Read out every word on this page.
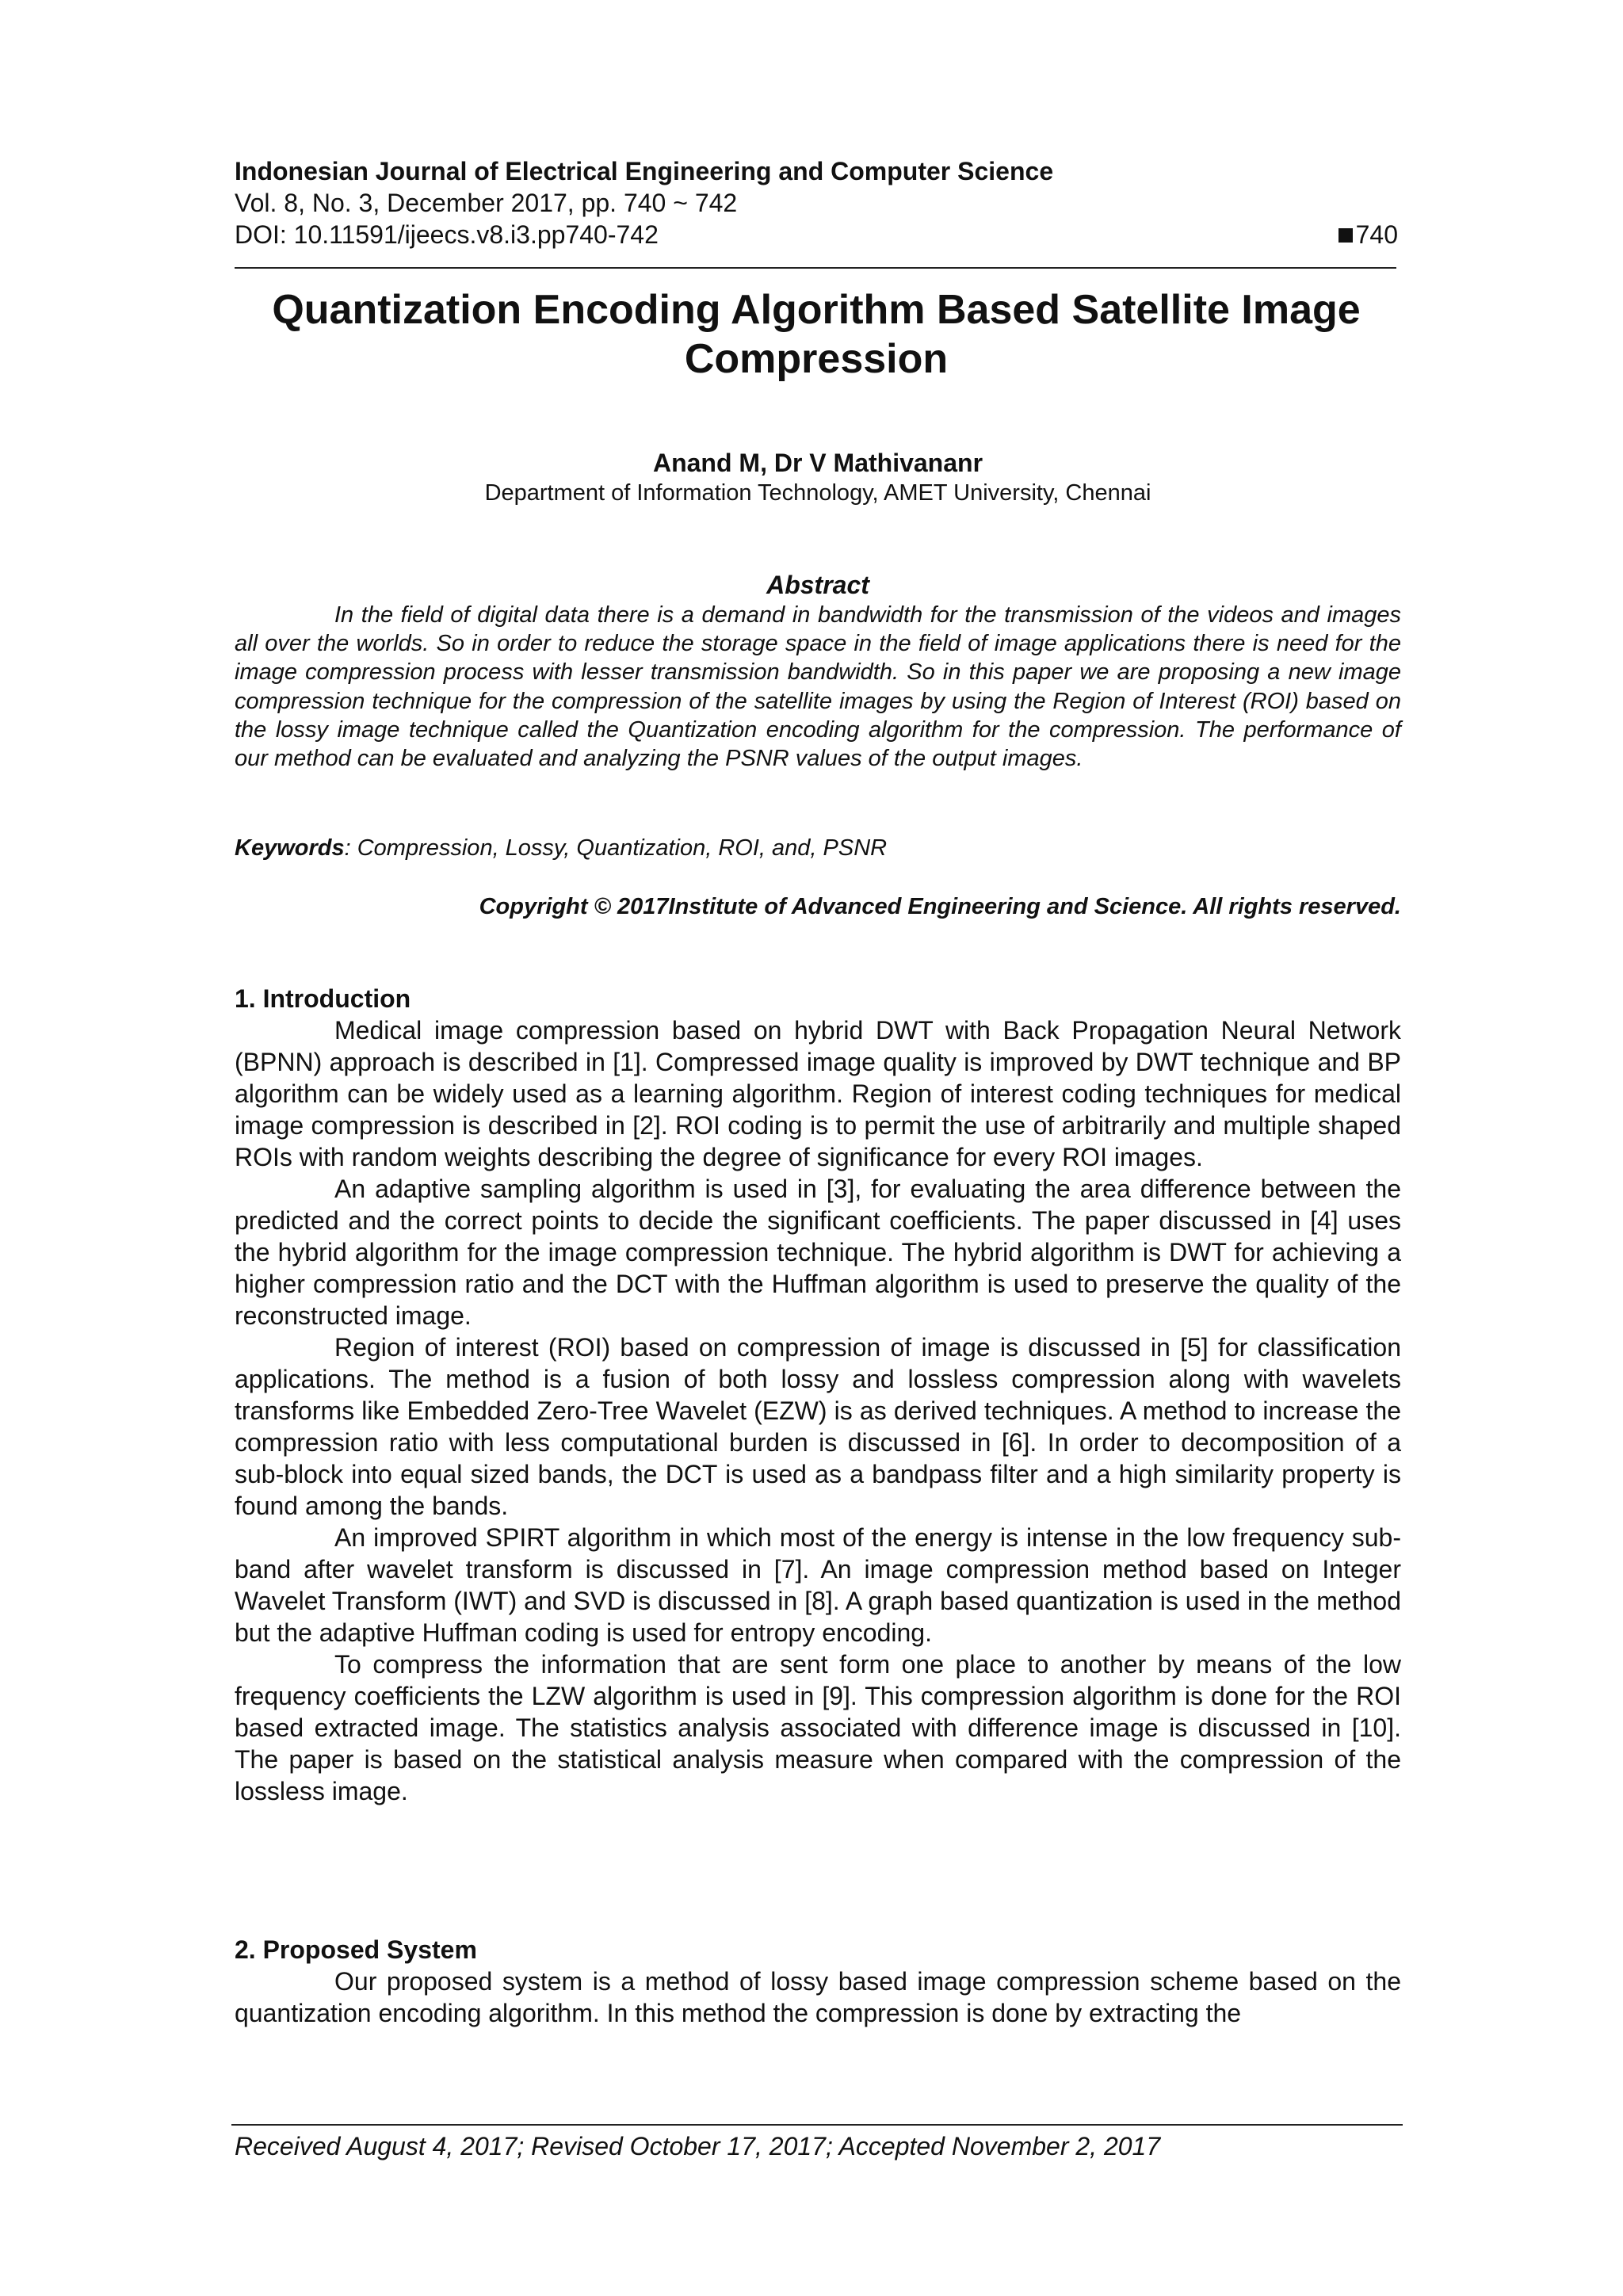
Indonesian Journal of Electrical Engineering and Computer Science

Vol. 8, No. 3, December 2017, pp. 740 ~ 742

DOI: 10.11591/ijeecs.v8.i3.pp740-742	740
Quantization Encoding Algorithm Based Satellite Image Compression

Anand M, Dr V Mathivananr

Department of Information Technology, AMET University, Chennai

Abstract

In the field of digital data there is a demand in bandwidth for the transmission of the videos and images all over the worlds. So in order to reduce the storage space in the field of image applications there is need for the image compression process with lesser transmission bandwidth. So in this paper we are proposing a new image compression technique for the compression of the satellite images by using the Region of Interest (ROI) based on the lossy image technique called the Quantization encoding algorithm for the compression. The performance of our method can be evaluated and analyzing the PSNR values of the output images.

Keywords: Compression, Lossy, Quantization, ROI, and, PSNR

Copyright © 2017Institute of Advanced Engineering and Science. All rights reserved.

1. Introduction

Medical image compression based on hybrid DWT with Back Propagation Neural Network (BPNN) approach is described in [1]. Compressed image quality is improved by DWT technique and BP algorithm can be widely used as a learning algorithm. Region of interest coding techniques for medical image compression is described in [2]. ROI coding is to permit the use of arbitrarily and multiple shaped ROIs with random weights describing the degree of significance for every ROI images.

An adaptive sampling algorithm is used in [3], for evaluating the area difference between the predicted and the correct points to decide the significant coefficients. The paper discussed in [4] uses the hybrid algorithm for the image compression technique. The hybrid algorithm is DWT for achieving a higher compression ratio and the DCT with the Huffman algorithm is used to preserve the quality of the reconstructed image.

Region of interest (ROI) based on compression of image is discussed in [5] for classification applications. The method is a fusion of both lossy and lossless compression along with wavelets transforms like Embedded Zero-Tree Wavelet (EZW) is as derived techniques. A method to increase the compression ratio with less computational burden is discussed in [6]. In order to decomposition of a sub-block into equal sized bands, the DCT is used as a bandpass filter and a high similarity property is found among the bands.

An improved SPIRT algorithm in which most of the energy is intense in the low frequency sub-band after wavelet transform is discussed in [7]. An image compression method based on Integer Wavelet Transform (IWT) and SVD is discussed in [8]. A graph based quantization is used in the method but the adaptive Huffman coding is used for entropy encoding.

To compress the information that are sent form one place to another by means of the low frequency coefficients the LZW algorithm is used in [9]. This compression algorithm is done for the ROI based extracted image. The statistics analysis associated with difference image is discussed in [10]. The paper is based on the statistical analysis measure when compared with the compression of the lossless image.

2. Proposed System

Our proposed system is a method of lossy based image compression scheme based on the quantization encoding algorithm. In this method the compression is done by extracting the

Received August 4, 2017; Revised October 17, 2017; Accepted November 2, 2017
